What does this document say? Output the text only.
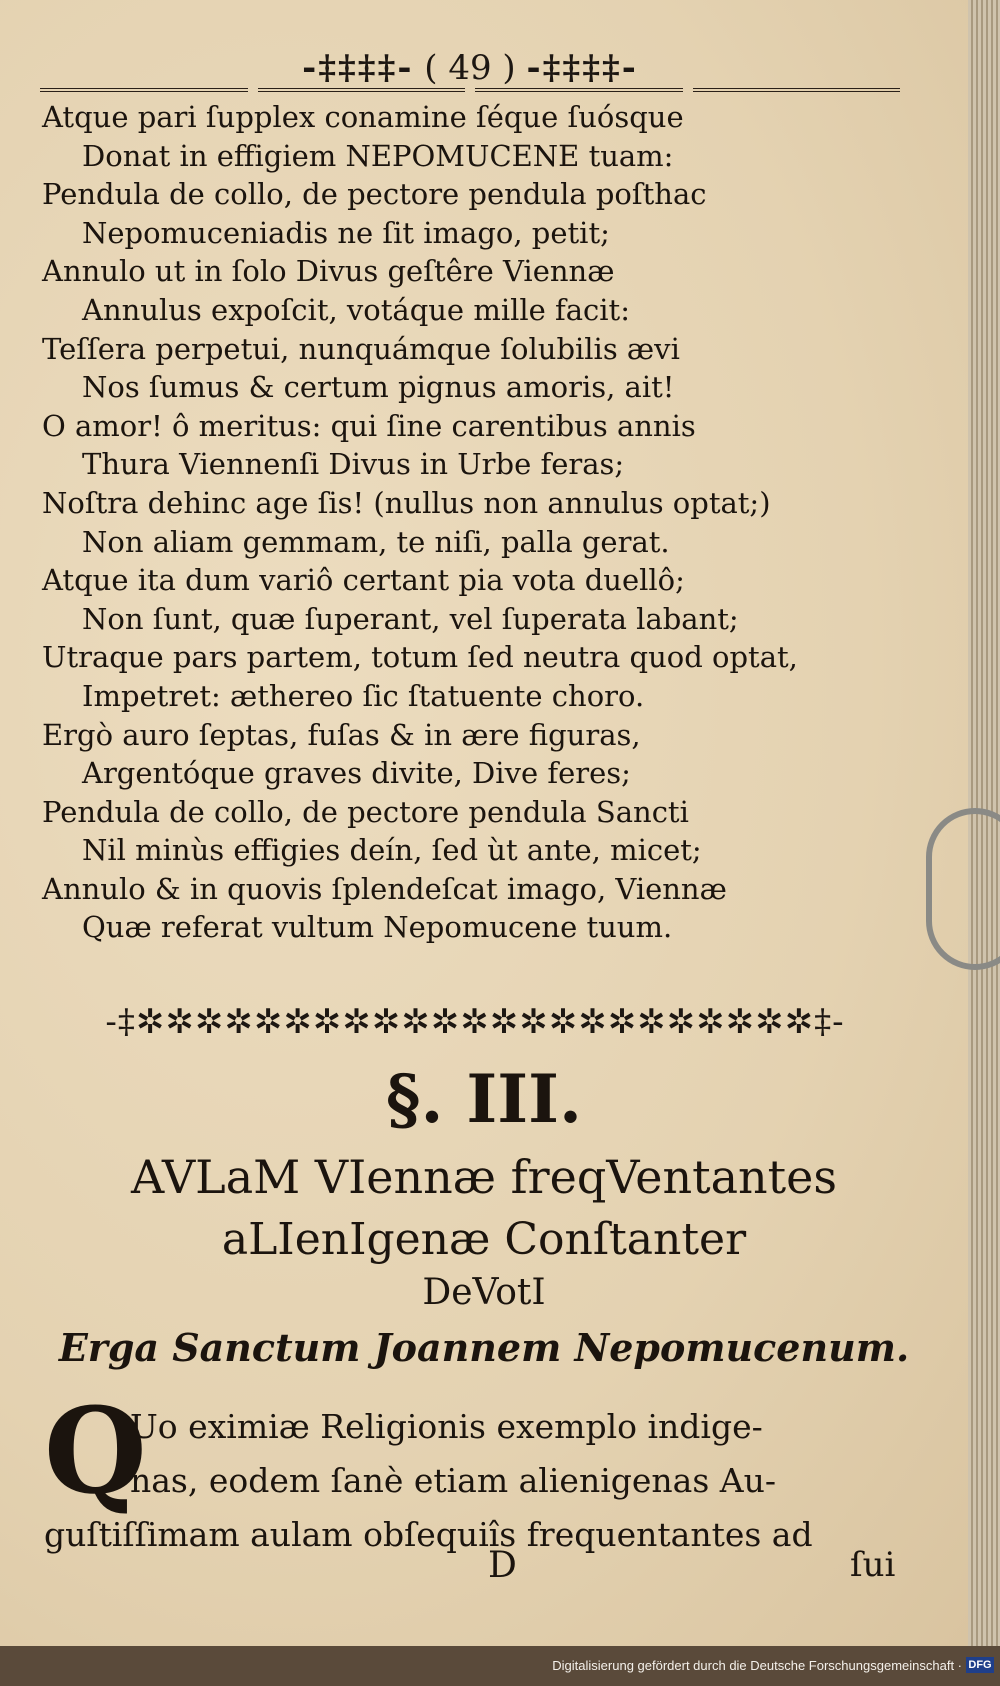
-‡‡‡‡- ( 49 ) -‡‡‡‡-
Atque pari ſupplex conamine ſéque ſuósque
Donat in effigiem NEPOMUCENE tuam:
Pendula de collo, de pectore pendula poſthac
Nepomuceniadis ne ſit imago, petit;
Annulo ut in ſolo Divus geſtêre Viennæ
Annulus expoſcit, votáque mille facit:
Teſſera perpetui, nunquámque ſolubilis ævi
Nos ſumus & certum pignus amoris, ait!
O amor! ô meritus: qui ſine carentibus annis
Thura Viennenſi Divus in Urbe feras;
Noſtra dehinc age ſis! (nullus non annulus optat;)
Non aliam gemmam, te niſi, palla gerat.
Atque ita dum variô certant pia vota duellô;
Non ſunt, quæ ſuperant, vel ſuperata labant;
Utraque pars partem, totum ſed neutra quod optat,
Impetret: æthereo ſic ſtatuente choro.
Ergò auro ſeptas, fuſas & in ære figuras,
Argentóque graves divite, Dive feres;
Pendula de collo, de pectore pendula Sancti
Nil minùs effigies deín, ſed ùt ante, micet;
Annulo & in quovis ſplendeſcat imago, Viennæ
Quæ referat vultum Nepomucene tuum.
-‡✲✲✲✲✲✲✲✲✲✲✲✲✲✲✲✲✲✲✲✲✲✲✲‡-
§. III.
AVLaM VIennæ freqVentantes
aLIenIgenæ Conſtanter
DeVotI
Erga Sanctum Joannem Nepomucenum.
Q
Uo eximiæ Religionis exemplo indige-
nas, eodem ſanè etiam alienigenas Au-
guſtiſſimam aulam obſequiîs frequentantes ad
D	ſui
Digitalisierung gefördert durch die Deutsche Forschungsgemeinschaft · DFG
